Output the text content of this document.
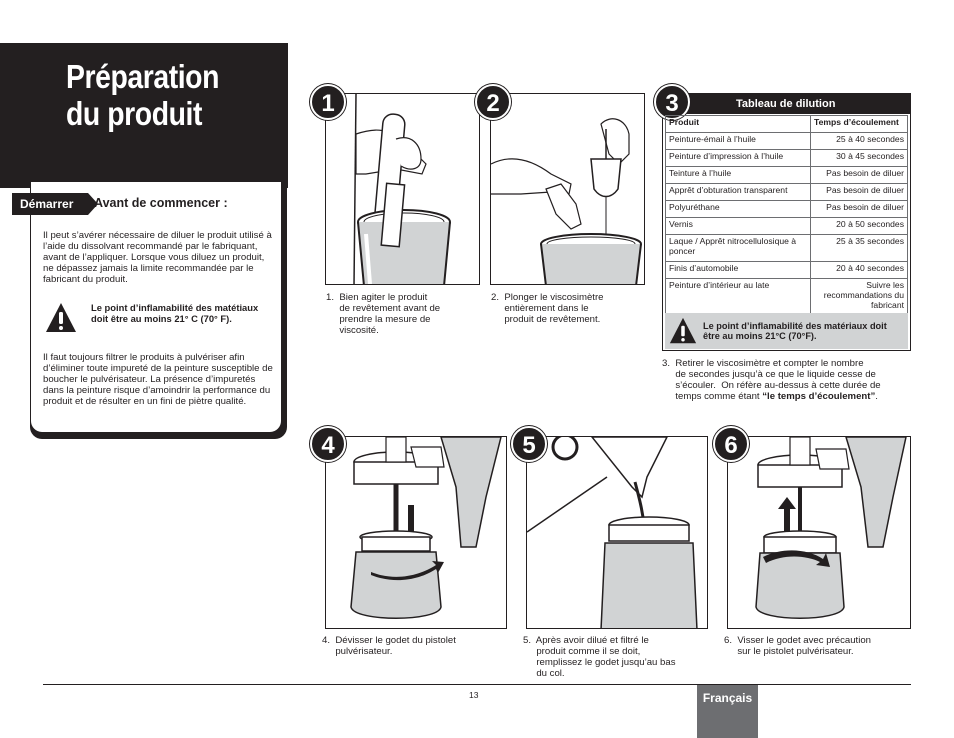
Préparation
du produit
Démarrer	Avant de commencer :
Il peut s’avérer nécessaire de diluer le produit utilisé à l’aide du dissolvant recommandé par le fabriquant, avant de l’appliquer. Lorsque vous diluez un produit, ne dépassez jamais la limite recommandée par le fabricant du produit.
Le point d’inflamabilité des matétiaux doit être au moins 21° C (70° F).
Il faut toujours filtrer le produits à pulvériser afin d’éliminer toute impureté de la peinture susceptible de boucher le pulvérisateur. La présence d’impuretés dans la peinture risque d’amoindrir la performance du produit et de résulter en un fini de piètre qualité.
1
1.  Bien agiter le produit
de revêtement avant de
prendre la mesure de
viscosité.
2
2.  Plonger le viscosimètre
entièrement dans le
produit de revêtement.
Tableau de dilution
3
Produit	Temps d’écoulement
Peinture-émail à l’huile	25 à 40 secondes
Peinture d’impression à l’huile	30 à 45 secondes
Teinture à l’huile	Pas besoin de diluer
Apprêt d’obturation transparent	Pas besoin de diluer
Polyuréthane	Pas besoin de diluer
Vernis	20 à 50 secondes
Laque / Apprêt nitrocellulosique à poncer	25 à 35 secondes
Finis d’automobile	20 à 40 secondes
Peinture d’intérieur au late	Suivre les recommandations du fabricant
Le point d’inflamabilité des matériaux doit être au moins 21°C (70°F).
3.  Retirer le viscosimètre et compter le nombre
de secondes jusqu’à ce que le liquide cesse de
s’écouler.  On réfère au-dessus à cette durée de
temps comme étant “le temps d’écoulement”.
4
4.  Dévisser le godet du pistolet
pulvérisateur.
5
5.  Après avoir dilué et filtré le
produit comme il se doit,
remplissez le godet jusqu’au bas
du col.
6
6.  Visser le godet avec précaution
sur le pistolet pulvérisateur.
13	Français
